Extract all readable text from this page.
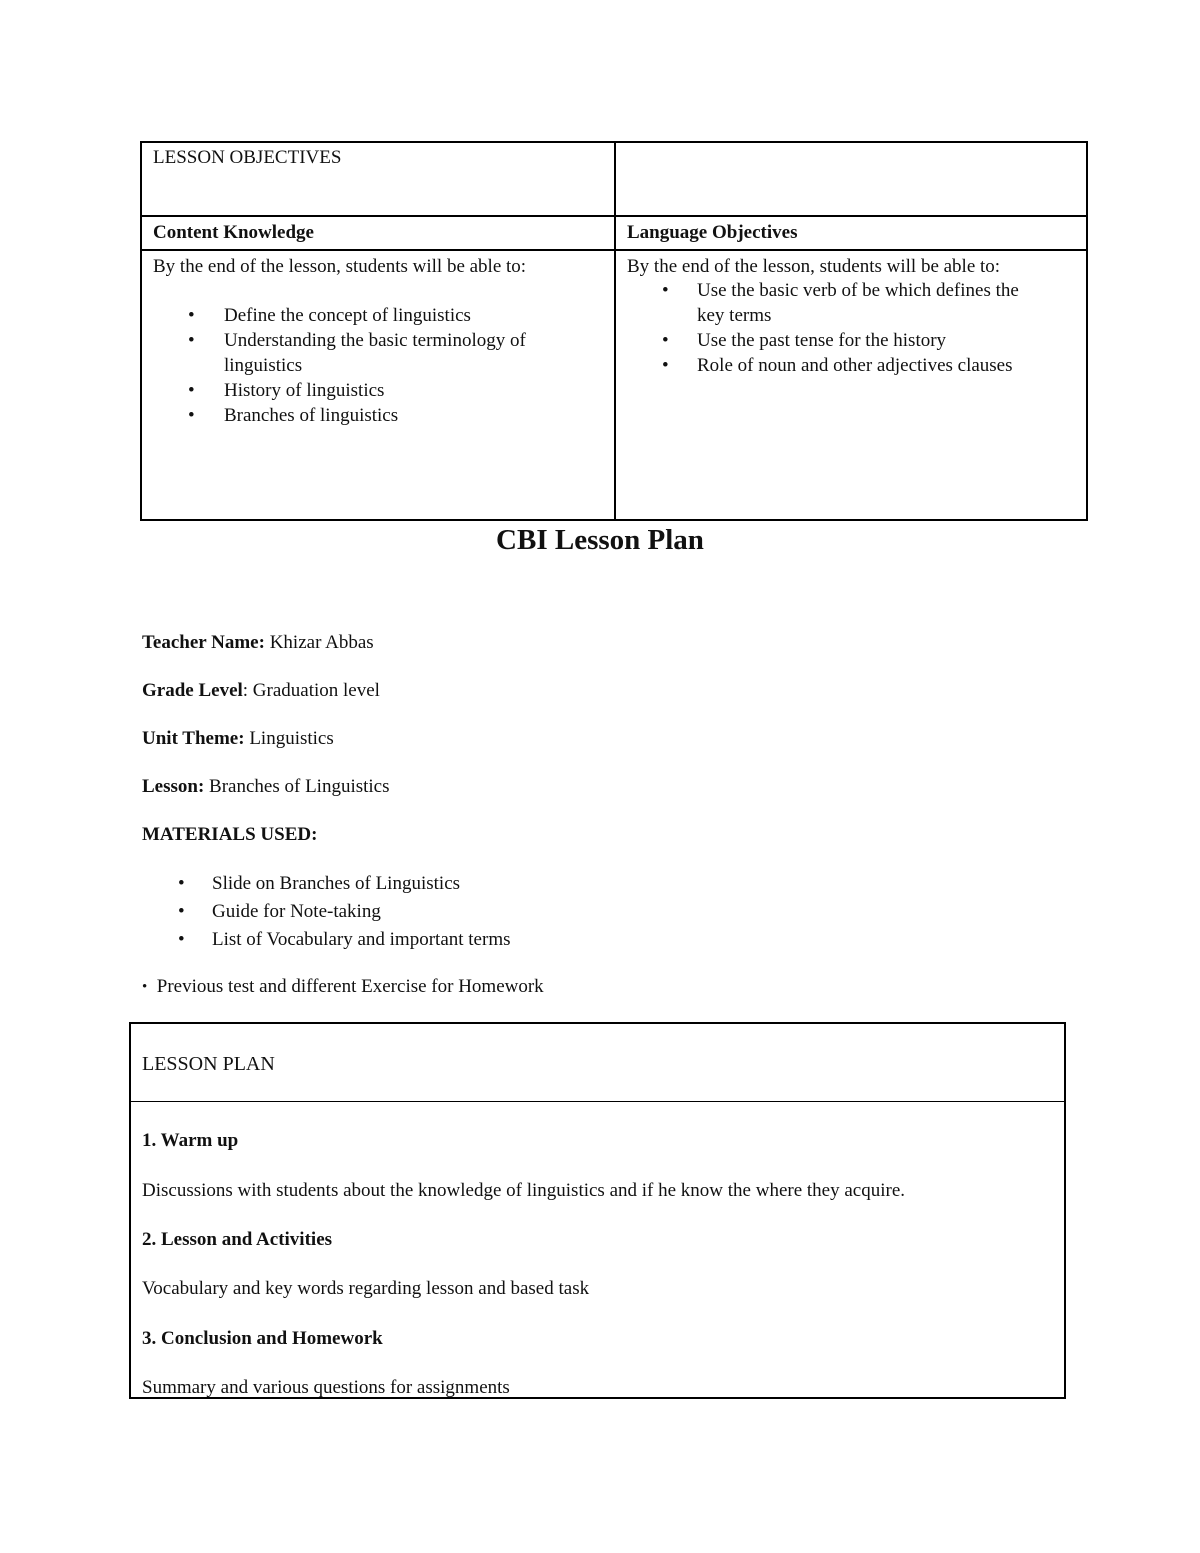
LESSON OBJECTIVES
Content Knowledge	Language Objectives
By the end of the lesson, students will be able to:
• Define the concept of linguistics
• Understanding the basic terminology of
linguistics
• History of linguistics
• Branches of linguistics
By the end of the lesson, students will be able to:
• Use the basic verb of be which defines the
key terms
• Use the past tense for the history
• Role of noun and other adjectives clauses
CBI Lesson Plan
Teacher Name: Khizar Abbas
Grade Level: Graduation level
Unit Theme: Linguistics
Lesson: Branches of Linguistics
MATERIALS USED:
• Slide on Branches of Linguistics
• Guide for Note-taking
• List of Vocabulary and important terms
• Previous test and different Exercise for Homework
LESSON PLAN
1. Warm up
Discussions with students about the knowledge of linguistics and if he know the where they acquire.
2. Lesson and Activities
Vocabulary and key words regarding lesson and based task
3. Conclusion and Homework
Summary and various questions for assignments
